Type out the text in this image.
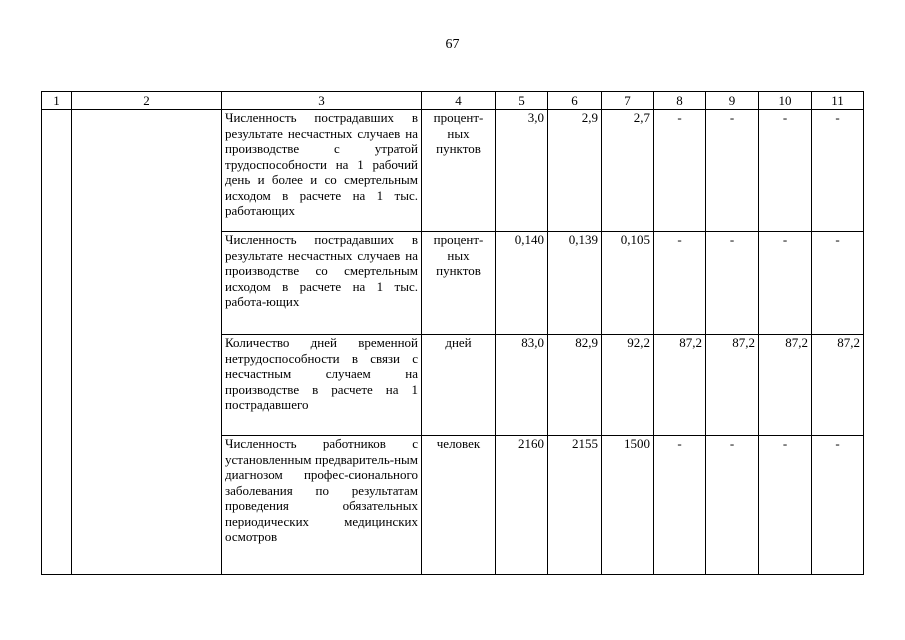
67
1	2	3	4	5	6	7	8	9	10	11
		Численность пострадавших в результате несчастных случаев на производстве с утратой трудоспособности на 1 рабочий день и более и со смертельным исходом в расчете на 1 тыс. работающих	процент-ных пунктов	3,0	2,9	2,7	-	-	-	-
		Численность пострадавших в результате несчастных случаев на производстве со смертельным исходом в расчете на 1 тыс. работа-ющих	процент-ных пунктов	0,140	0,139	0,105	-	-	-	-
		Количество дней временной нетрудоспособности в связи с несчастным случаем на производстве в расчете на 1 пострадавшего	дней	83,0	82,9	92,2	87,2	87,2	87,2	87,2
		Численность работников с установленным предваритель-ным диагнозом профес-сионального заболевания по результатам проведения обязательных периодических медицинских осмотров	человек	2160	2155	1500	-	-	-	-
